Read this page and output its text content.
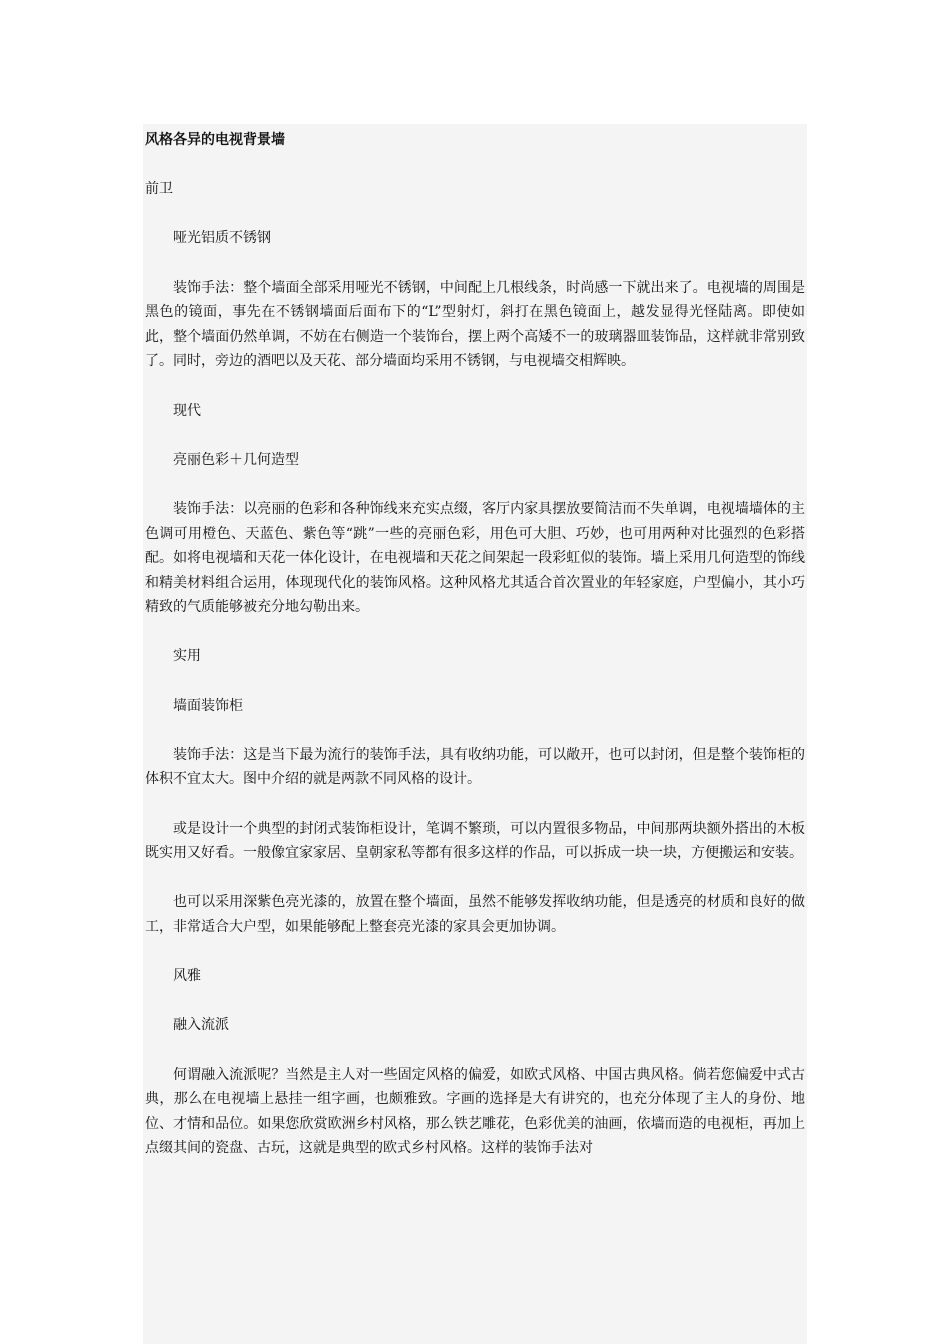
风格各异的电视背景墙
前卫
哑光铝质不锈钢
装饰手法：整个墙面全部采用哑光不锈钢，中间配上几根线条，时尚感一下就出来了。电视墙的周围是黑色的镜面，事先在不锈钢墙面后面布下的“L”型射灯，斜打在黑色镜面上，越发显得光怪陆离。即使如此，整个墙面仍然单调，不妨在右侧造一个装饰台，摆上两个高矮不一的玻璃器皿装饰品，这样就非常别致了。同时，旁边的酒吧以及天花、部分墙面均采用不锈钢，与电视墙交相辉映。
现代
亮丽色彩＋几何造型
装饰手法：以亮丽的色彩和各种饰线来充实点缀，客厅内家具摆放要简洁而不失单调，电视墙墙体的主色调可用橙色、天蓝色、紫色等“跳”一些的亮丽色彩，用色可大胆、巧妙，也可用两种对比强烈的色彩搭配。如将电视墙和天花一体化设计，在电视墙和天花之间架起一段彩虹似的装饰。墙上采用几何造型的饰线和精美材料组合运用，体现现代化的装饰风格。这种风格尤其适合首次置业的年轻家庭，户型偏小，其小巧精致的气质能够被充分地勾勒出来。
实用
墙面装饰柜
装饰手法：这是当下最为流行的装饰手法，具有收纳功能，可以敞开，也可以封闭，但是整个装饰柜的体积不宜太大。图中介绍的就是两款不同风格的设计。
或是设计一个典型的封闭式装饰柜设计，笔调不繁琐，可以内置很多物品，中间那两块额外搭出的木板既实用又好看。一般像宜家家居、皇朝家私等都有很多这样的作品，可以拆成一块一块，方便搬运和安装。
也可以采用深紫色亮光漆的，放置在整个墙面，虽然不能够发挥收纳功能，但是透亮的材质和良好的做工，非常适合大户型，如果能够配上整套亮光漆的家具会更加协调。
风雅
融入流派
何谓融入流派呢？当然是主人对一些固定风格的偏爱，如欧式风格、中国古典风格。倘若您偏爱中式古典，那么在电视墙上悬挂一组字画，也颇雅致。字画的选择是大有讲究的，也充分体现了主人的身份、地位、才情和品位。如果您欣赏欧洲乡村风格，那么铁艺雕花，色彩优美的油画，依墙而造的电视柜，再加上点缀其间的瓷盘、古玩，这就是典型的欧式乡村风格。这样的装饰手法对
